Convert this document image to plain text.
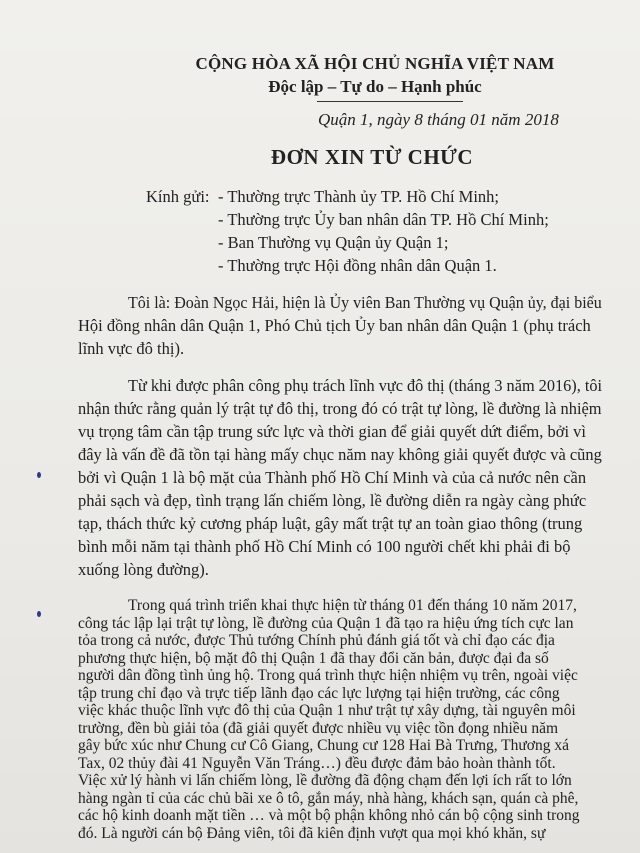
CỘNG HÒA XÃ HỘI CHỦ NGHĨA VIỆT NAM
Độc lập – Tự do – Hạnh phúc
Quận 1, ngày 8 tháng 01 năm 2018
ĐƠN XIN TỪ CHỨC
Kính gửi: - Thường trực Thành ủy TP. Hồ Chí Minh;
- Thường trực Ủy ban nhân dân TP. Hồ Chí Minh;
- Ban Thường vụ Quận ủy Quận 1;
- Thường trực Hội đồng nhân dân Quận 1.
Tôi là: Đoàn Ngọc Hải, hiện là Ủy viên Ban Thường vụ Quận ủy, đại biểu
Hội đồng nhân dân Quận 1, Phó Chủ tịch Ủy ban nhân dân Quận 1 (phụ trách
lĩnh vực đô thị).
Từ khi được phân công phụ trách lĩnh vực đô thị (tháng 3 năm 2016), tôi
nhận thức rằng quản lý trật tự đô thị, trong đó có trật tự lòng, lề đường là nhiệm
vụ trọng tâm cần tập trung sức lực và thời gian để giải quyết dứt điểm, bởi vì
đây là vấn đề đã tồn tại hàng mấy chục năm nay không giải quyết được và cũng
bởi vì Quận 1 là bộ mặt của Thành phố Hồ Chí Minh và của cả nước nên cần
phải sạch và đẹp, tình trạng lấn chiếm lòng, lề đường diễn ra ngày càng phức
tạp, thách thức kỷ cương pháp luật, gây mất trật tự an toàn giao thông (trung
bình mỗi năm tại thành phố Hồ Chí Minh có 100 người chết khi phải đi bộ
xuống lòng đường).
Trong quá trình triển khai thực hiện từ tháng 01 đến tháng 10 năm 2017,
công tác lập lại trật tự lòng, lề đường của Quận 1 đã tạo ra hiệu ứng tích cực lan
tỏa trong cả nước, được Thủ tướng Chính phủ đánh giá tốt và chỉ đạo các địa
phương thực hiện, bộ mặt đô thị Quận 1 đã thay đổi căn bản, được đại đa số
người dân đồng tình ủng hộ. Trong quá trình thực hiện nhiệm vụ trên, ngoài việc
tập trung chỉ đạo và trực tiếp lãnh đạo các lực lượng tại hiện trường, các công
việc khác thuộc lĩnh vực đô thị của Quận 1 như trật tự xây dựng, tài nguyên môi
trường, đền bù giải tỏa (đã giải quyết được nhiều vụ việc tồn đọng nhiều năm
gây bức xúc như Chung cư Cô Giang, Chung cư 128 Hai Bà Trưng, Thương xá
Tax, 02 thủy đài 41 Nguyễn Văn Tráng…) đều được đảm bảo hoàn thành tốt.
Việc xử lý hành vi lấn chiếm lòng, lề đường đã động chạm đến lợi ích rất to lớn
hàng ngàn tỉ của các chủ bãi xe ô tô, gắn máy, nhà hàng, khách sạn, quán cà phê,
các hộ kinh doanh mặt tiền … và một bộ phận không nhỏ cán bộ cộng sinh trong
đó. Là người cán bộ Đảng viên, tôi đã kiên định vượt qua mọi khó khăn, sự
